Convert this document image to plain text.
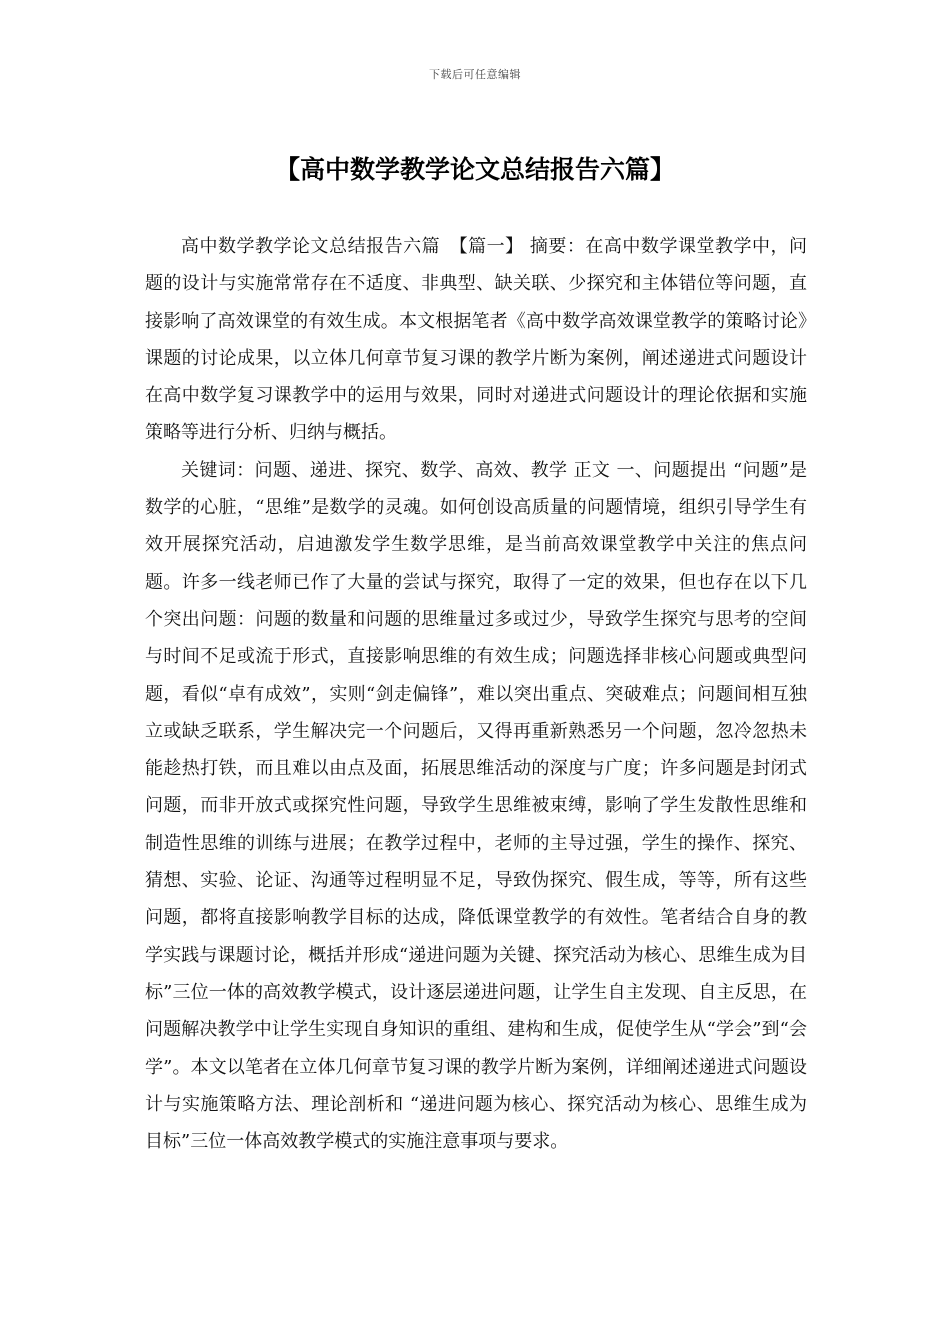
下载后可任意编辑
【高中数学教学论文总结报告六篇】

高中数学教学论文总结报告六篇　【篇一】 摘要：在高中数学课堂教学中，问题的设计与实施常常存在不适度、非典型、缺关联、少探究和主体错位等问题，直接影响了高效课堂的有效生成。本文根据笔者《高中数学高效课堂教学的策略讨论》课题的讨论成果，以立体几何章节复习课的教学片断为案例，阐述递进式问题设计在高中数学复习课教学中的运用与效果，同时对递进式问题设计的理论依据和实施策略等进行分析、归纳与概括。

关键词：问题、递进、探究、数学、高效、教学 正文 一、问题提出 “问题”是数学的心脏，“思维”是数学的灵魂。如何创设高质量的问题情境，组织引导学生有效开展探究活动，启迪激发学生数学思维，是当前高效课堂教学中关注的焦点问题。许多一线老师已作了大量的尝试与探究，取得了一定的效果，但也存在以下几个突出问题：问题的数量和问题的思维量过多或过少，导致学生探究与思考的空间与时间不足或流于形式，直接影响思维的有效生成；问题选择非核心问题或典型问题，看似“卓有成效”，实则“剑走偏锋”，难以突出重点、突破难点；问题间相互独立或缺乏联系，学生解决完一个问题后，又得再重新熟悉另一个问题，忽冷忽热未能趁热打铁，而且难以由点及面，拓展思维活动的深度与广度；许多问题是封闭式问题，而非开放式或探究性问题，导致学生思维被束缚，影响了学生发散性思维和制造性思维的训练与进展；在教学过程中，老师的主导过强，学生的操作、探究、猜想、实验、论证、沟通等过程明显不足，导致伪探究、假生成，等等，所有这些问题，都将直接影响教学目标的达成，降低课堂教学的有效性。笔者结合自身的教学实践与课题讨论，概括并形成“递进问题为关键、探究活动为核心、思维生成为目标”三位一体的高效教学模式，设计逐层递进问题，让学生自主发现、自主反思，在问题解决教学中让学生实现自身知识的重组、建构和生成，促使学生从“学会”到“会学”。本文以笔者在立体几何章节复习课的教学片断为案例，详细阐述递进式问题设计与实施策略方法、理论剖析和 “递进问题为核心、探究活动为核心、思维生成为目标”三位一体高效教学模式的实施注意事项与要求。
